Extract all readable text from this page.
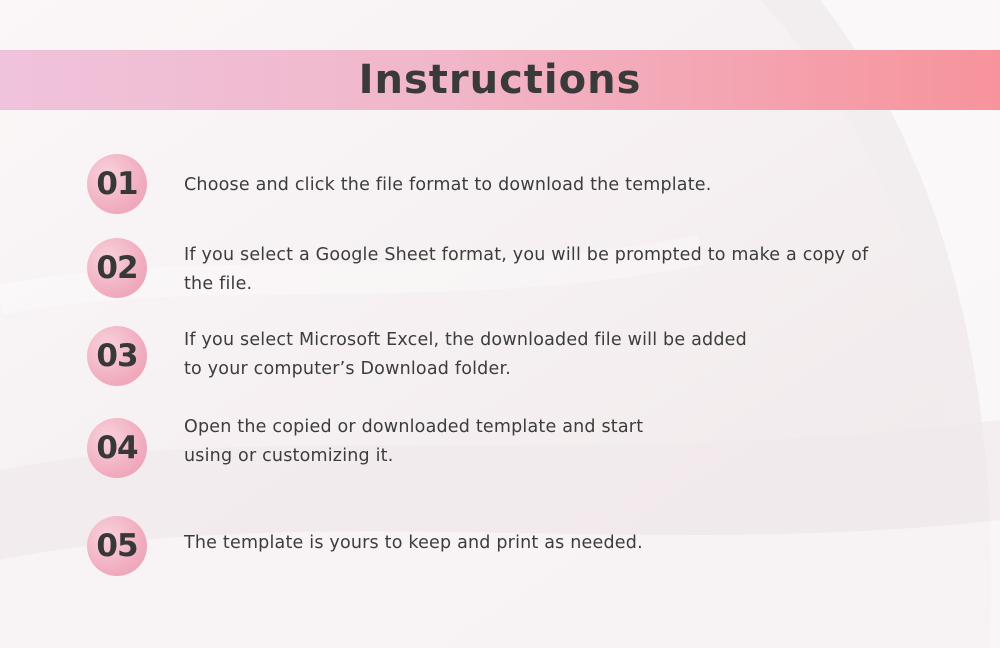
Instructions
01	Choose and click the file format to download the template.
02	If you select a Google Sheet format, you will be prompted to make a copy of
the file.
03	If you select Microsoft Excel, the downloaded file will be added
to your computer’s Download folder.
04
Open the copied or downloaded template and start
using or customizing it.
05	The template is yours to keep and print as needed.
